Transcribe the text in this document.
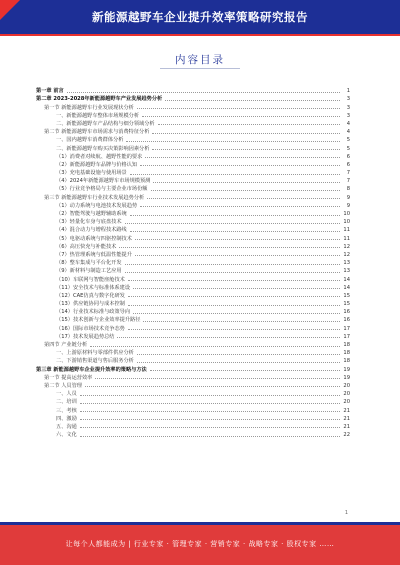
新能源越野车企业提升效率策略研究报告
内容目录
第一章 前言	1
第二章 2023-2028年新能源越野车产业发展趋势分析	3
第一节 新能源越野车行业发展现状分析	3
一、新能源越野车整体市场规模分析	3
二、新能源越野车产品结构与细分领域分析	4
第二节 新能源越野车市场需求与消费特征分析	4
一、国内越野车消费群体分析	5
二、新能源越野车购买决策影响因素分析	5
（1）消费者对续航、越野性能的要求	6
（2）新能源越野车品牌与价格认知	6
（3）充电基础设施与使用场景	7
（4）2024年新能源越野车市场规模预测	7
（5）行业竞争格局与主要企业市场份额	8
第三节 新能源越野车行业技术发展趋势分析	9
（1）动力系统与电池技术发展趋势	9
（2）智能驾驶与越野辅助系统	10
（3）轻量化车身与底盘技术	10
（4）混合动力与增程技术路线	11
（5）电驱动系统与四驱控制技术	11
（6）高压快充与补能技术	12
（7）热管理系统与低温性能提升	12
（8）整车集成与平台化开发	13
（9）新材料与制造工艺应用	13
（10）车联网与智能座舱技术	14
（11）安全技术与标准体系建设	14
（12）CAE仿真与数字化研发	15
（13）供应链协同与成本控制	15
（14）行业技术标准与政策导向	16
（15）技术创新与企业效率提升路径	16
（16）国际市场技术竞争态势	17
（17）技术发展趋势总结	17
第四节 产业链分析	18
一、上游原材料与零部件供应分析	18
二、下游销售渠道与售后服务分析	18
第三章 新能源越野车企业提升效率的策略与方法	19
第一节 提高运营效率	19
第二节 人员管理	20
一、人员	20
二、培训	20
三、考核	21
四、激励	21
五、沟通	21
六、文化	22
1
让每个人都能成为 | 行业专家 · 管理专家 · 营销专家 · 战略专家 · 股权专家 ……
